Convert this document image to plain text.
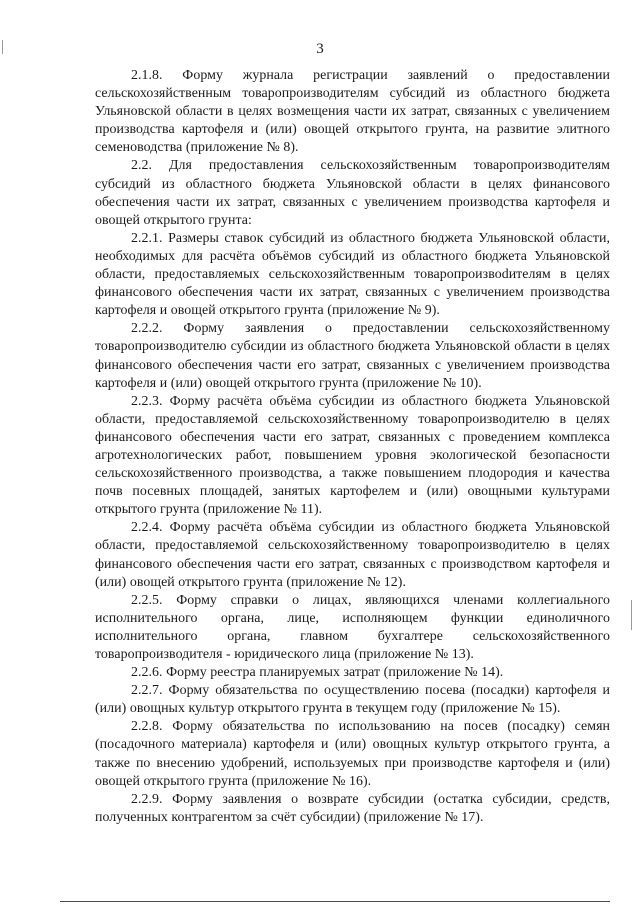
3

2.1.8. Форму журнала регистрации заявлений о предоставлении сельскохозяйственным товаропроизводителям субсидий из областного бюджета Ульяновской области в целях возмещения части их затрат, связанных с увеличением производства картофеля и (или) овощей открытого грунта, на развитие элитного семеноводства (приложение № 8).

2.2. Для предоставления сельскохозяйственным товаропроизводителям субсидий из областного бюджета Ульяновской области в целях финансового обеспечения части их затрат, связанных с увеличением производства картофеля и овощей открытого грунта:

2.2.1. Размеры ставок субсидий из областного бюджета Ульяновской области, необходимых для расчёта объёмов субсидий из областного бюджета Ульяновской области, предоставляемых сельскохозяйственным товаропроизвоdителям в целях финансового обеспечения части их затрат, связанных с увеличением производства картофеля и овощей открытого грунта (приложение № 9).

2.2.2. Форму заявления о предоставлении сельскохозяйственному товаропроизводителю субсидии из областного бюджета Ульяновской области в целях финансового обеспечения части его затрат, связанных с увеличением производства картофеля и (или) овощей открытого грунта (приложение № 10).

2.2.3. Форму расчёта объёма субсидии из областного бюджета Ульяновской области, предоставляемой сельскохозяйственному товаропроизводителю в целях финансового обеспечения части его затрат, связанных с проведением комплекса агротехнологических работ, повышением уровня экологической безопасности сельскохозяйственного производства, а также повышением плодородия и качества почв посевных площадей, занятых картофелем и (или) овощными культурами открытого грунта (приложение № 11).

2.2.4. Форму расчёта объёма субсидии из областного бюджета Ульяновской области, предоставляемой сельскохозяйственному товаропроизводителю в целях финансового обеспечения части его затрат, связанных с производством картофеля и (или) овощей открытого грунта (приложение № 12).

2.2.5. Форму справки о лицах, являющихся членами коллегиального исполнительного органа, лице, исполняющем функции единоличного исполнительного органа, главном бухгалтере сельскохозяйственного товаропроизводителя - юридического лица (приложение № 13).

2.2.6. Форму реестра планируемых затрат (приложение № 14).

2.2.7. Форму обязательства по осуществлению посева (посадки) картофеля и (или) овощных культур открытого грунта в текущем году (приложение № 15).

2.2.8. Форму обязательства по использованию на посев (посадку) семян (посадочного материала) картофеля и (или) овощных культур открытого грунта, а также по внесению удобрений, используемых при производстве картофеля и (или) овощей открытого грунта (приложение № 16).

2.2.9. Форму заявления о возврате субсидии (остатка субсидии, средств, полученных контрагентом за счёт субсидии) (приложение № 17).
